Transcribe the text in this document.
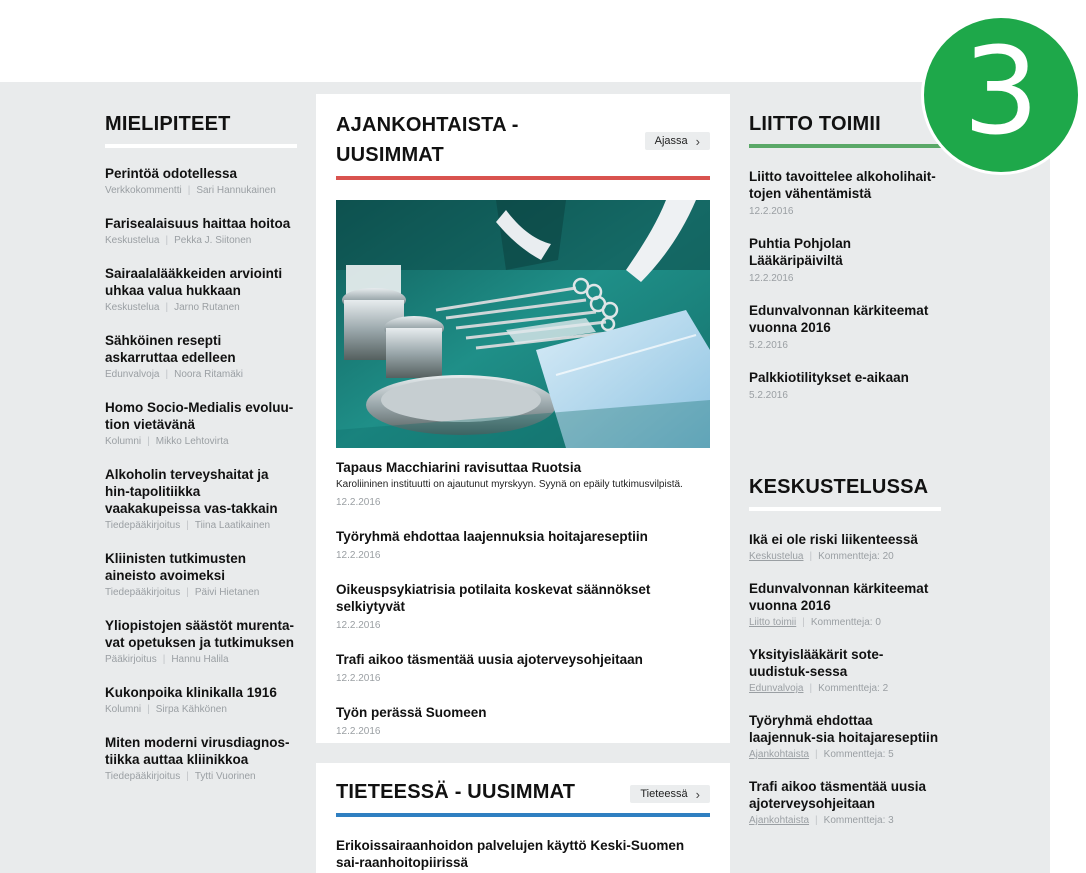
3
MIELIPITEET
Perintöä odotellessa
Verkkokommentti | Sari Hannukainen
Farisealaisuus haittaa hoitoa
Keskustelua | Pekka J. Siitonen
Sairaalalääkkeiden arviointi uhkaa valua hukkaan
Keskustelua | Jarno Rutanen
Sähköinen resepti askarruttaa edelleen
Edunvalvoja | Noora Ritamäki
Homo Socio-Medialis evoluu-tion vietävänä
Kolumni | Mikko Lehtovirta
Alkoholin terveyshaitat ja hin-tapolitiikka vaakakupeissa vas-takkain
Tiedepääkirjoitus | Tiina Laatikainen
Kliinisten tutkimusten aineisto avoimeksi
Tiedepääkirjoitus | Päivi Hietanen
Yliopistojen säästöt murenta-vat opetuksen ja tutkimuksen
Pääkirjoitus | Hannu Halila
Kukonpoika klinikalla 1916
Kolumni | Sirpa Kähkönen
Miten moderni virusdiagnos-tiikka auttaa kliinikkoa
Tiedepääkirjoitus | Tytti Vuorinen
AJANKOHTAISTA - UUSIMMAT
Ajassa ›
Tapaus Macchiarini ravisuttaa Ruotsia
Karoliininen instituutti on ajautunut myrskyyn. Syynä on epäily tutkimusvilpistä.
12.2.2016
Työryhmä ehdottaa laajennuksia hoitajareseptiin
12.2.2016
Oikeuspsykiatrisia potilaita koskevat säännökset selkiytyvät
12.2.2016
Trafi aikoo täsmentää uusia ajoterveysohjeitaan
12.2.2016
Työn perässä Suomeen
12.2.2016
TIETEESSÄ - UUSIMMAT	Tieteessä ›
Erikoissairaanhoidon palvelujen käyttö Keski-Suomen sai-raanhoitopiirissä
LIITTO TOIMII
Liitto tavoittelee alkoholihait-tojen vähentämistä
12.2.2016
Puhtia Pohjolan Lääkäripäiviltä
12.2.2016
Edunvalvonnan kärkiteemat vuonna 2016
5.2.2016
Palkkiotilitykset e-aikaan
5.2.2016
KESKUSTELUSSA
Ikä ei ole riski liikenteessä
Keskustelua | Kommentteja: 20
Edunvalvonnan kärkiteemat vuonna 2016
Liitto toimii | Kommentteja: 0
Yksityislääkärit sote-uudistuk-sessa
Edunvalvoja | Kommentteja: 2
Työryhmä ehdottaa laajennuk-sia hoitajareseptiin
Ajankohtaista | Kommentteja: 5
Trafi aikoo täsmentää uusia ajoterveysohjeitaan
Ajankohtaista | Kommentteja: 3
